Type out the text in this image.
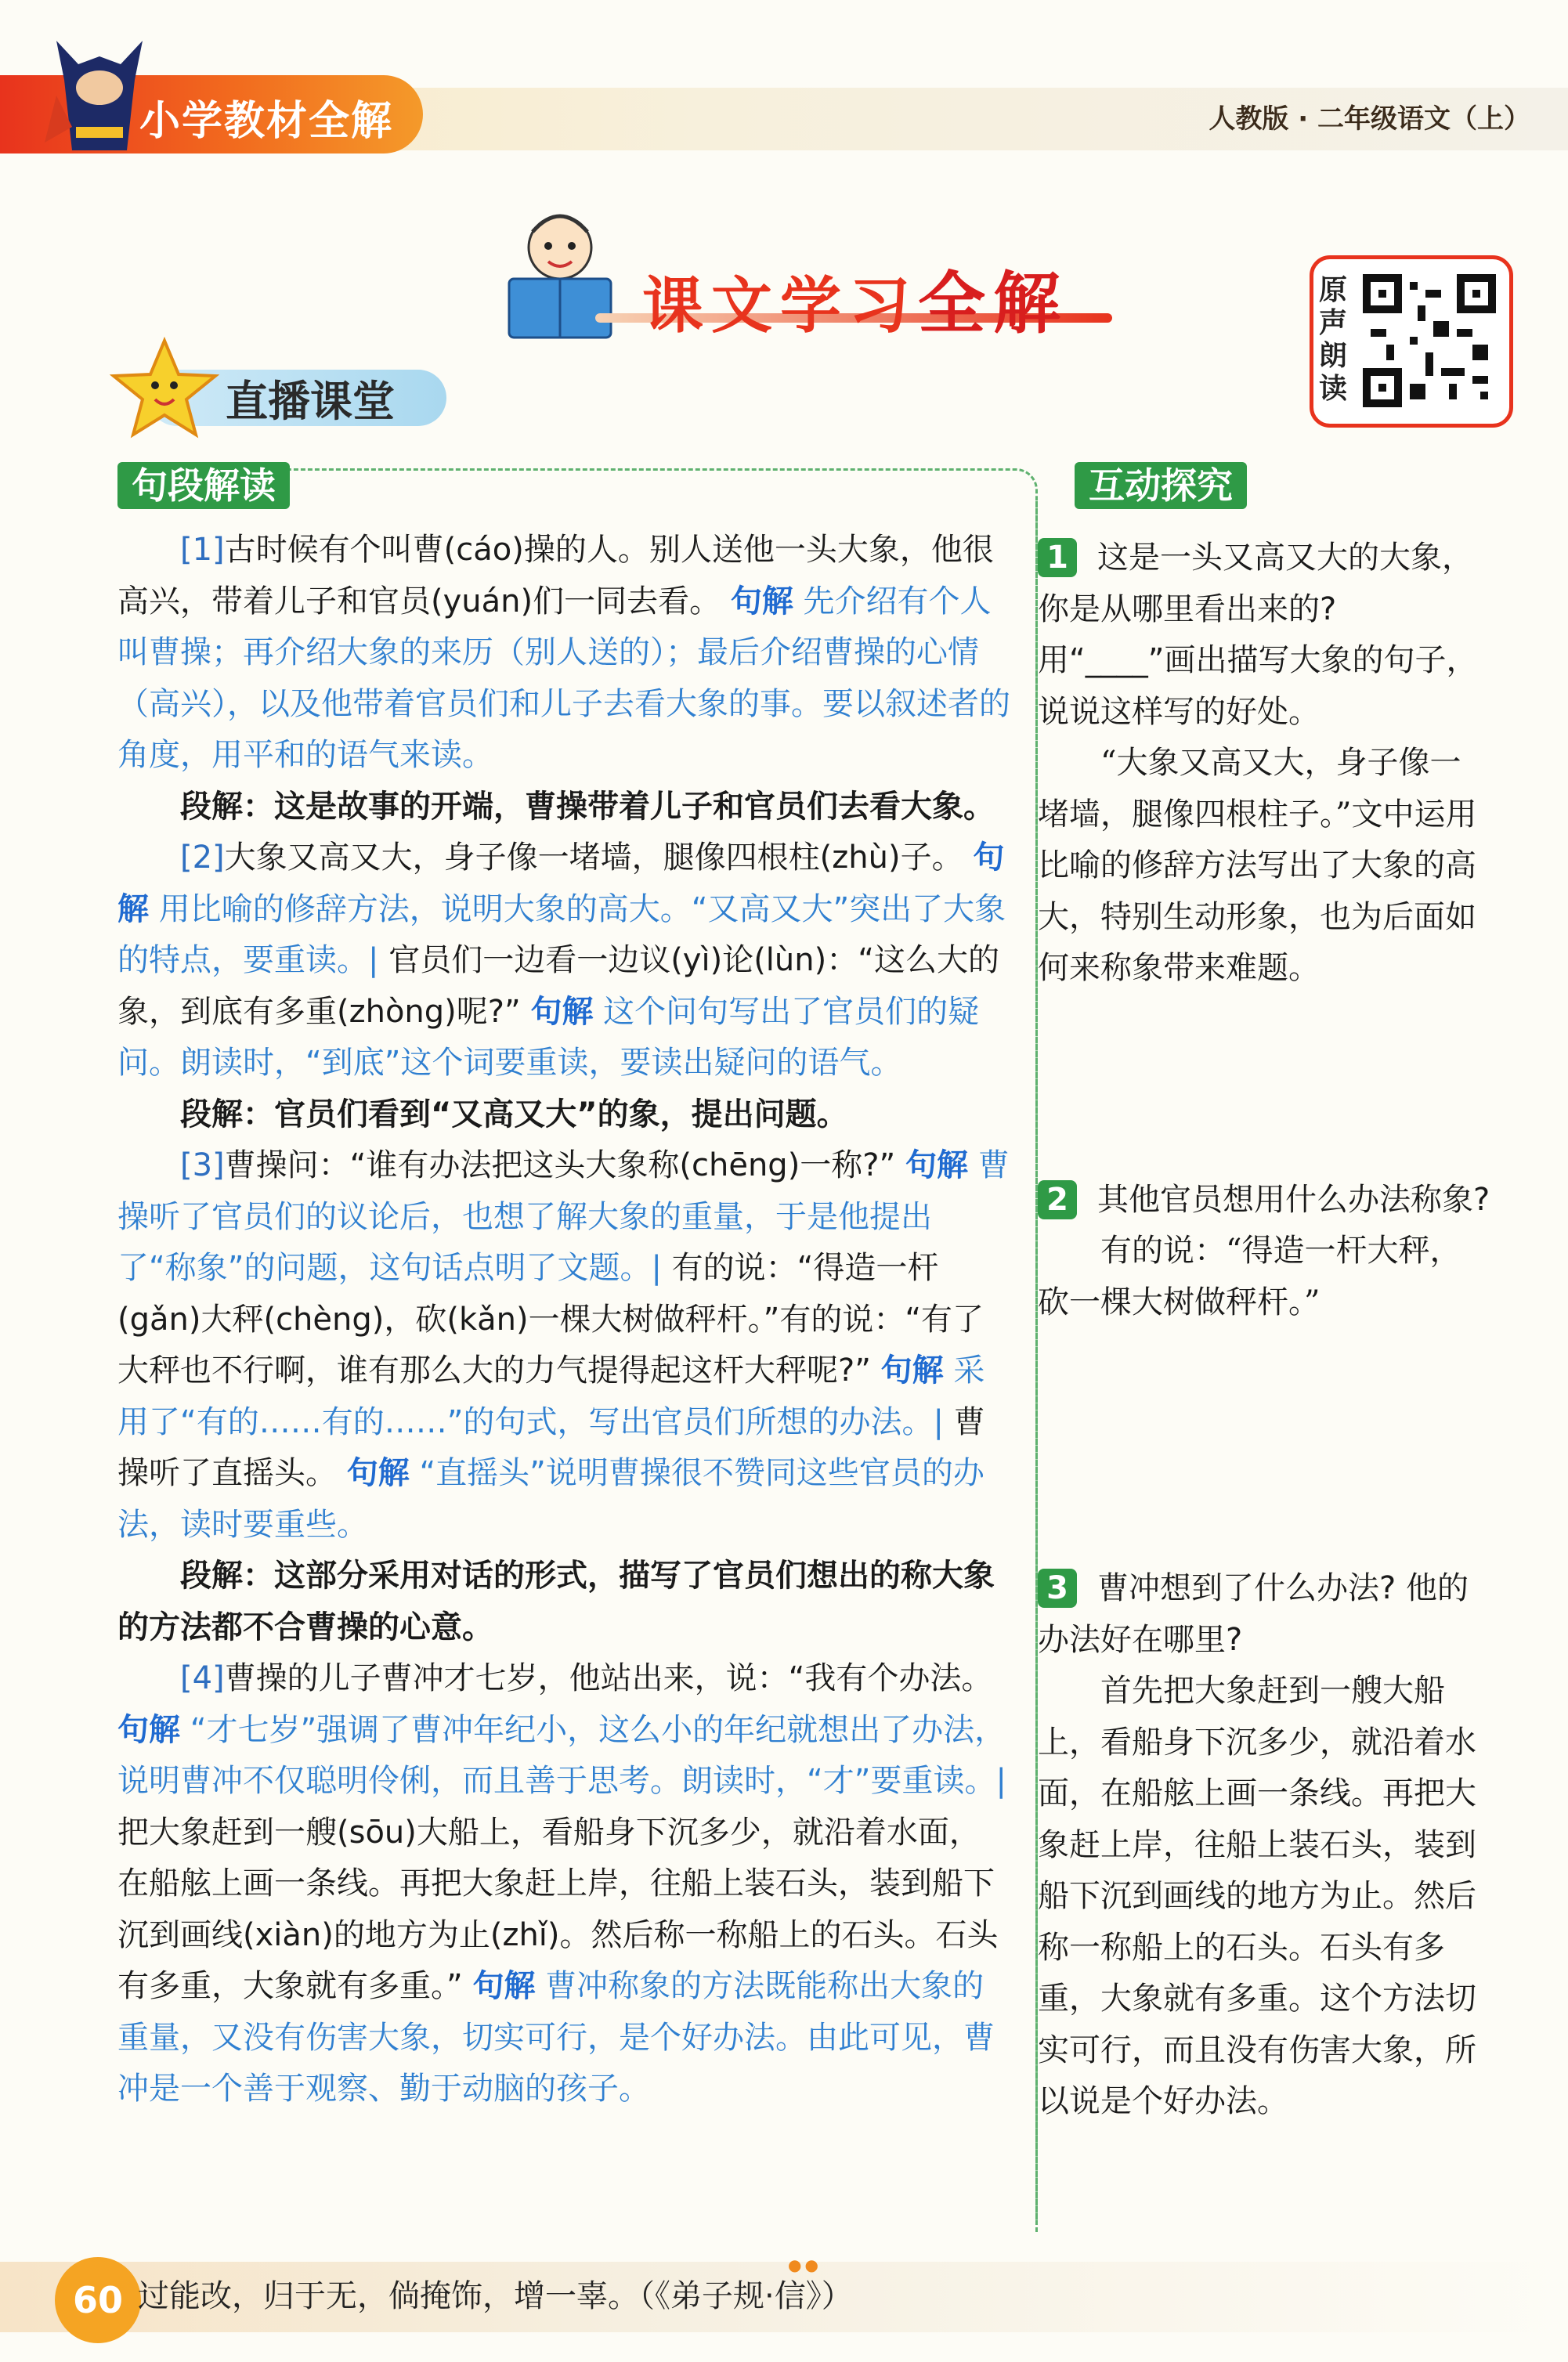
小学教材全解	人教版 · 二年级语文（上）
课文学习全解	原声朗读
直播课堂
句段解读	互动探究

[1]古时候有个叫曹(cáo)操的人。别人送他一头大象，他很高兴，带着儿子和官员(yuán)们一同去看。 句解 先介绍有个人叫曹操；再介绍大象的来历（别人送的）；最后介绍曹操的心情（高兴），以及他带着官员们和儿子去看大象的事。要以叙述者的角度，用平和的语气来读。

段解：这是故事的开端，曹操带着儿子和官员们去看大象。

[2]大象又高又大，身子像一堵墙，腿像四根柱(zhù)子。 句解 用比喻的修辞方法，说明大象的高大。“又高又大”突出了大象的特点，要重读。| 官员们一边看一边议(yì)论(lùn)：“这么大的象，到底有多重(zhòng)呢?” 句解 这个问句写出了官员们的疑问。朗读时，“到底”这个词要重读，要读出疑问的语气。

段解：官员们看到“又高又大”的象，提出问题。

[3]曹操问：“谁有办法把这头大象称(chēng)一称?” 句解 曹操听了官员们的议论后，也想了解大象的重量，于是他提出了“称象”的问题，这句话点明了文题。| 有的说：“得造一杆(gǎn)大秤(chèng)，砍(kǎn)一棵大树做秤杆。”有的说：“有了大秤也不行啊，谁有那么大的力气提得起这杆大秤呢?” 句解 采用了“有的……有的……”的句式，写出官员们所想的办法。| 曹操听了直摇头。 句解 “直摇头”说明曹操很不赞同这些官员的办法，读时要重些。

段解：这部分采用对话的形式，描写了官员们想出的称大象的方法都不合曹操的心意。

[4]曹操的儿子曹冲才七岁，他站出来，说：“我有个办法。 句解 “才七岁”强调了曹冲年纪小，这么小的年纪就想出了办法，说明曹冲不仅聪明伶俐，而且善于思考。朗读时，“才”要重读。| 把大象赶到一艘(sōu)大船上，看船身下沉多少，就沿着水面，在船舷上画一条线。再把大象赶上岸，往船上装石头，装到船下沉到画线(xiàn)的地方为止(zhǐ)。然后称一称船上的石头。石头有多重，大象就有多重。” 句解 曹冲称象的方法既能称出大象的重量，又没有伤害大象，切实可行，是个好办法。由此可见，曹冲是一个善于观察、勤于动脑的孩子。

1 这是一头又高又大的大象，你是从哪里看出来的? 用“____”画出描写大象的句子，说说这样写的好处。
“大象又高又大，身子像一堵墙，腿像四根柱子。”文中运用比喻的修辞方法写出了大象的高大，特别生动形象，也为后面如何来称象带来难题。
2 其他官员想用什么办法称象?
有的说：“得造一杆大秤，砍一棵大树做秤杆。”
3 曹冲想到了什么办法? 他的办法好在哪里?
首先把大象赶到一艘大船上，看船身下沉多少，就沿着水面，在船舷上画一条线。再把大象赶上岸，往船上装石头，装到船下沉到画线的地方为止。然后称一称船上的石头。石头有多重，大象就有多重。这个方法切实可行，而且没有伤害大象，所以说是个好办法。
60 过能改，归于无，倘掩饰，增一辜。（《弟子规·信》）
●●
